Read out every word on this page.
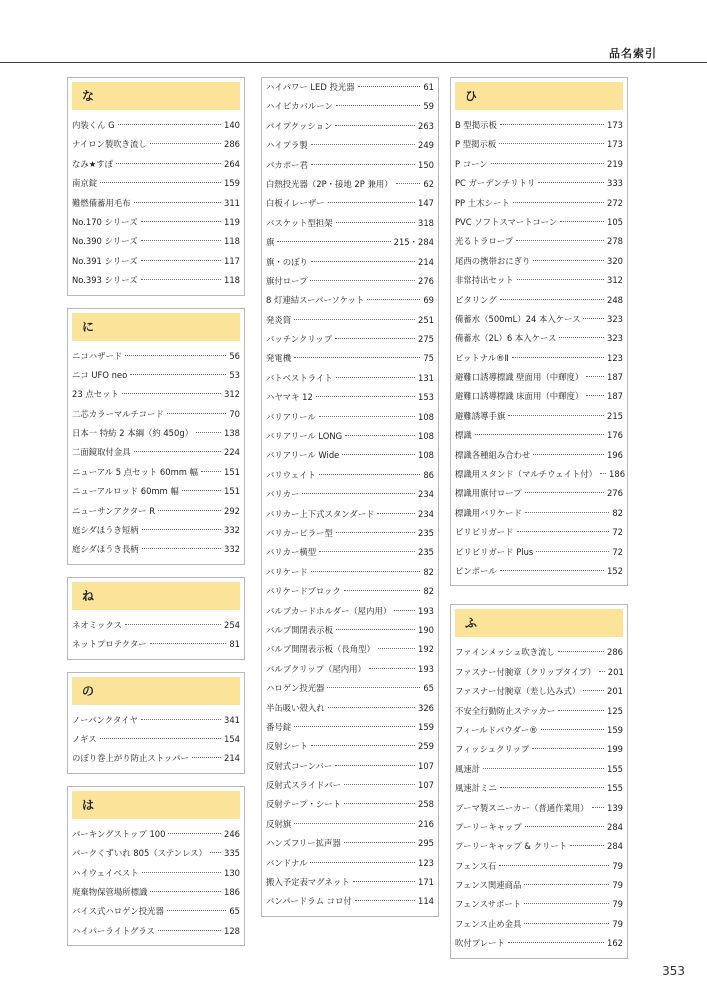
品名索引
な
内装くん G	140
ナイロン製吹き流し	286
なみ★すぽ	264
南京錠	159
難燃備蓄用毛布	311
No.170 シリーズ	119
No.390 シリーズ	118
No.391 シリーズ	117
No.393 シリーズ	118
に
ニコハザード	56
ニコ UFO neo	53
23 点セット	312
二芯カラーマルチコード	70
日本一 特紡 2 本綱（約 450g）	138
二面鏡取付金具	224
ニューアル 5 点セット 60mm 幅	151
ニューアルロッド 60mm 幅	151
ニューサンアクター R	292
庭シダほうき短柄	332
庭シダほうき長柄	332
ね
ネオミックス	254
ネットプロテクター	81
の
ノーパンクタイヤ	341
ノギス	154
のぼり巻上がり防止ストッパー	214
は
パーキングストップ 100	246
パークくずいれ 805（ステンレス） 335
ハイウェイベスト	130
廃棄物保管場所標識	186
バイス式ハロゲン投光器	65
ハイパーライトグラス	128
ハイパワー LED 投光器	61
ハイピカバルーン	59
パイプクッション	263
ハイプラ製	249
パカポー君	150
白熱投光器（2P・接地 2P 兼用）	62
白板イレーザー	147
バスケット型担架	318
旗	215・284
旗・のぼり	214
旗付ロープ	276
8 灯連結スーパーソケット	69
発炎筒	251
バッチンクリップ	275
発電機	75
バトベストライト	131
ハヤマキ 12	153
バリアリール	108
バリアリール LONG	108
バリアリール Wide	108
バリウェイト	86
バリカー	234
バリカー上下式スタンダード	234
バリカーピラー型	235
バリカー横型	235
バリケード	82
バリケードブロック	82
バルブカードホルダー（屋内用）	193
バルブ開閉表示板	190
バルブ開閉表示板（長角型）	192
バルブクリップ（屋内用）	193
ハロゲン投光器	65
半缶吸い殻入れ	326
番号錠	159
反射シート	259
反射式コーンバー	107
反射式スライドバー	107
反射テープ・シート	258
反射旗	216
ハンズフリー拡声器	295
バンドナル	123
搬入予定表マグネット	171
バンパードラム コロ付	114
ひ
B 型掲示板	173
P 型掲示板	173
P コーン	219
PC ガーデンチリトリ	333
PP 土木シート	272
PVC ソフトスマートコーン	105
光るトラロープ	278
尾西の携帯おにぎり	320
非常持出セット	312
ピタリング	248
備蓄水（500mL）24 本入ケース	323
備蓄水（2L）6 本入ケース	323
ビットナル®Ⅱ	123
避難口誘導標識 壁面用（中輝度）	187
避難口誘導標識 床面用（中輝度）	187
避難誘導手旗	215
標識	176
標識各種組み合わせ	196
標識用スタンド（マルチウェイト付） 186
標識用旗付ロープ	276
標識用バリケード	82
ビリビリガード	72
ビリビリガード Plus	72
ピンポール	152
ふ
ファインメッシュ吹き流し	286
ファスナー付腕章（クリップタイプ） 201
ファスナー付腕章（差し込み式）	201
不安全行動防止ステッカー	125
フィールドパウダー®	159
フィッシュクリップ	199
風速計	155
風速計ミニ	155
ブーマ製スニーカー（普通作業用） 139
プーリーキャップ	284
プーリーキャップ & クリート	284
フェンス石	79
フェンス関連商品	79
フェンスサポート	79
フェンス止め金具	79
吹付プレート	162
353
